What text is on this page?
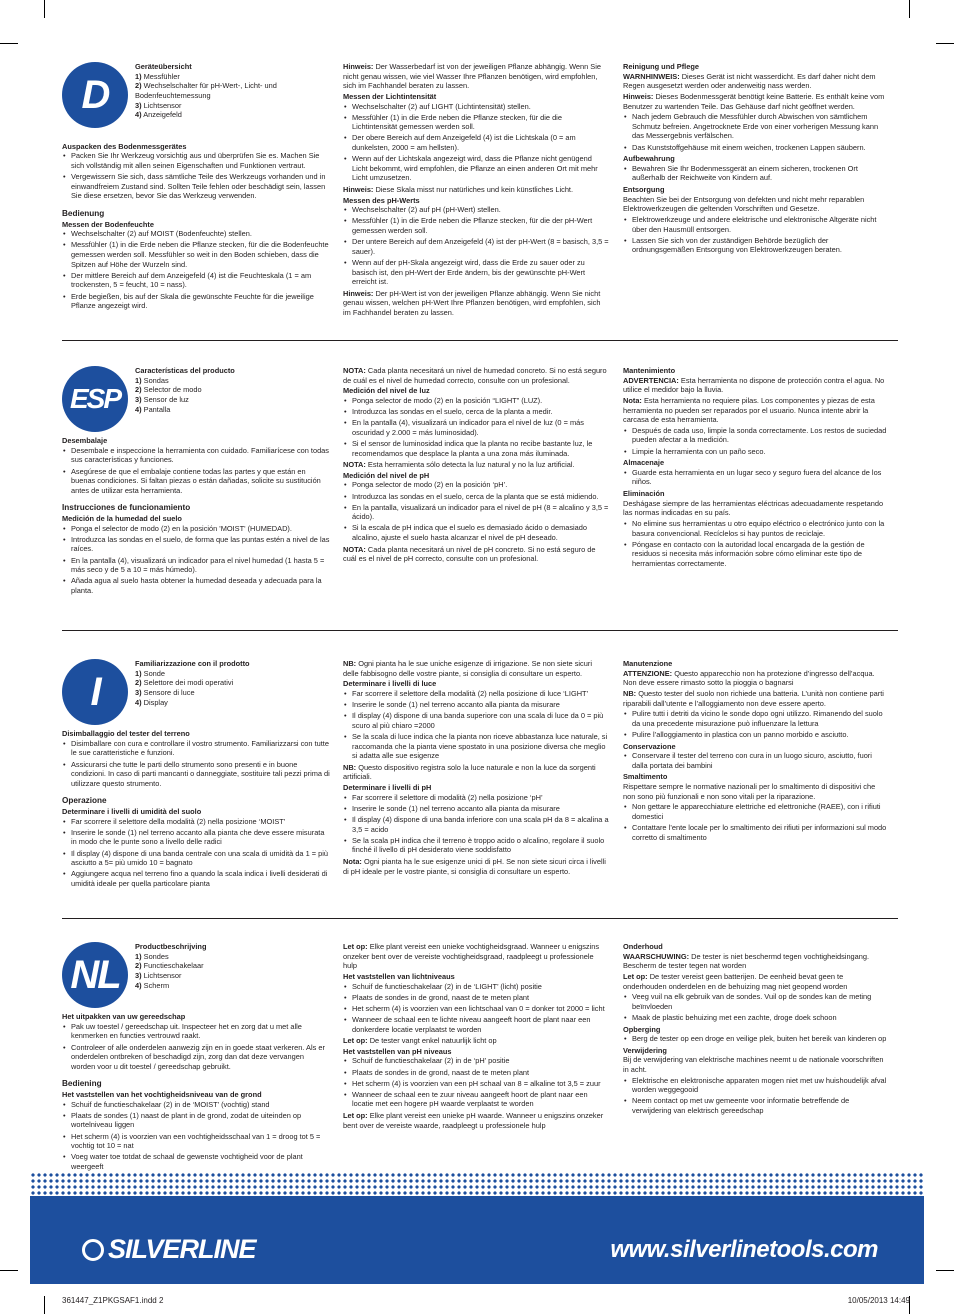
D
Geräteübersicht
1) Messfühler
2) Wechselschalter für pH-Wert-, Licht- und Bodenfeuchtemessung
3) Lichtsensor
4) Anzeigefeld
Auspacken des Bodenmessgerätes
• Packen Sie Ihr Werkzeug vorsichtig aus und überprüfen Sie es. Machen Sie sich vollständig mit allen seinen Eigenschaften und Funktionen vertraut.
• Vergewissern Sie sich, dass sämtliche Teile des Werkzeugs vorhanden und in einwandfreiem Zustand sind. Sollten Teile fehlen oder beschädigt sein, lassen Sie diese ersetzen, bevor Sie das Werkzeug verwenden.
Bedienung
Messen der Bodenfeuchte
• Wechselschalter (2) auf MOIST (Bodenfeuchte) stellen.
• Messfühler (1) in die Erde neben die Pflanze stecken, für die die Bodenfeuchte gemessen werden soll. Messfühler so weit in den Boden schieben, dass die Spitzen auf Höhe der Wurzeln sind.
• Der mittlere Bereich auf dem Anzeigefeld (4) ist die Feuchteskala (1 = am trockensten, 5 = feucht, 10 = nass).
• Erde begießen, bis auf der Skala die gewünschte Feuchte für die jeweilige Pflanze angezeigt wird.
Hinweis: Der Wasserbedarf ist von der jeweiligen Pflanze abhängig. Wenn Sie nicht genau wissen, wie viel Wasser Ihre Pflanzen benötigen, wird empfohlen, sich im Fachhandel beraten zu lassen.
Messen der Lichtintensität
• Wechselschalter (2) auf LIGHT (Lichtintensität) stellen.
• Messfühler (1) in die Erde neben die Pflanze stecken, für die die Lichtintensität gemessen werden soll.
• Der obere Bereich auf dem Anzeigefeld (4) ist die Lichtskala (0 = am dunkelsten, 2000 = am hellsten).
• Wenn auf der Lichtskala angezeigt wird, dass die Pflanze nicht genügend Licht bekommt, wird empfohlen, die Pflanze an einen anderen Ort mit mehr Licht umzusetzen.
Hinweis: Diese Skala misst nur natürliches und kein künstliches Licht.
Messen des pH-Werts
• Wechselschalter (2) auf pH (pH-Wert) stellen.
• Messfühler (1) in die Erde neben die Pflanze stecken, für die der pH-Wert gemessen werden soll.
• Der untere Bereich auf dem Anzeigefeld (4) ist der pH-Wert (8 = basisch, 3,5 = sauer).
• Wenn auf der pH-Skala angezeigt wird, dass die Erde zu sauer oder zu basisch ist, den pH-Wert der Erde ändern, bis der gewünschte pH-Wert erreicht ist.
Hinweis: Der pH-Wert ist von der jeweiligen Pflanze abhängig. Wenn Sie nicht genau wissen, welchen pH-Wert Ihre Pflanzen benötigen, wird empfohlen, sich im Fachhandel beraten zu lassen.
Reinigung und Pflege
WARNHINWEIS: Dieses Gerät ist nicht wasserdicht. Es darf daher nicht dem Regen ausgesetzt werden oder anderweitig nass werden.
Hinweis: Dieses Bodenmessgerät benötigt keine Batterie. Es enthält keine vom Benutzer zu wartenden Teile. Das Gehäuse darf nicht geöffnet werden.
• Nach jedem Gebrauch die Messfühler durch Abwischen von sämtlichem Schmutz befreien. Angetrocknete Erde von einer vorherigen Messung kann das Messergebnis verfälschen.
• Das Kunststoffgehäuse mit einem weichen, trockenen Lappen säubern.
Aufbewahrung
• Bewahren Sie Ihr Bodenmessgerät an einem sicheren, trockenen Ort außerhalb der Reichweite von Kindern auf.
Entsorgung
Beachten Sie bei der Entsorgung von defekten und nicht mehr reparablen Elektrowerkzeugen die geltenden Vorschriften und Gesetze.
• Elektrowerkzeuge und andere elektrische und elektronische Altgeräte nicht über den Hausmüll entsorgen.
• Lassen Sie sich von der zuständigen Behörde bezüglich der ordnungsgemäßen Entsorgung von Elektrowerkzeugen beraten.
ESP
Características del producto
1) Sondas
2) Selector de modo
3) Sensor de luz
4) Pantalla
Desembalaje
• Desembale e inspeccione la herramienta con cuidado. Familiarícese con todas sus características y funciones.
• Asegúrese de que el embalaje contiene todas las partes y que están en buenas condiciones. Si faltan piezas o están dañadas, solicite su sustitución antes de utilizar esta herramienta.
Instrucciones de funcionamiento
Medición de la humedad del suelo
• Ponga el selector de modo (2) en la posición 'MOIST' (HUMEDAD).
• Introduzca las sondas en el suelo, de forma que las puntas estén a nivel de las raíces.
• En la pantalla (4), visualizará un indicador para el nivel humedad (1 hasta 5 = más seco y de 5 a 10 = más húmedo).
• Añada agua al suelo hasta obtener la humedad deseada y adecuada para la planta.
NOTA: Cada planta necesitará un nivel de humedad concreto. Si no está seguro de cuál es el nivel de humedad correcto, consulte con un profesional.
Medición del nivel de luz
• Ponga selector de modo (2) en la posición “LIGHT” (LUZ).
• Introduzca las sondas en el suelo, cerca de la planta a medir.
• En la pantalla (4), visualizará un indicador para el nivel de luz (0 = más oscuridad y 2.000 = más luminosidad).
• Si el sensor de luminosidad indica que la planta no recibe bastante luz, le recomendamos que desplace la planta a una zona más iluminada.
NOTA: Esta herramienta sólo detecta la luz natural y no la luz artificial.
Medición del nivel de pH
• Ponga selector de modo (2) en la posición ‘pH’.
• Introduzca las sondas en el suelo, cerca de la planta que se está midiendo.
• En la pantalla, visualizará un indicador para el nivel de pH (8 = alcalino y 3,5 = ácido).
• Si la escala de pH indica que el suelo es demasiado ácido o demasiado alcalino, ajuste el suelo hasta alcanzar el nivel de pH deseado.
NOTA: Cada planta necesitará un nivel de pH concreto. Si no está seguro de cuál es el nivel de pH correcto, consulte con un profesional.
Mantenimiento
ADVERTENCIA: Esta herramienta no dispone de protección contra el agua. No utilice el medidor bajo la lluvia.
Nota: Esta herramienta no requiere pilas. Los componentes y piezas de esta herramienta no pueden ser reparados por el usuario. Nunca intente abrir la carcasa de esta herramienta.
• Después de cada uso, limpie la sonda correctamente. Los restos de suciedad pueden afectar a la medición.
• Limpie la herramienta con un paño seco.
Almacenaje
• Guarde esta herramienta en un lugar seco y seguro fuera del alcance de los niños.
Eliminación
Deshágase siempre de las herramientas eléctricas adecuadamente respetando las normas indicadas en su país.
• No elimine sus herramientas u otro equipo eléctrico o electrónico junto con la basura convencional. Recíclelos si hay puntos de reciclaje.
• Póngase en contacto con la autoridad local encargada de la gestión de residuos si necesita más información sobre cómo eliminar este tipo de herramientas correctamente.
I
Familiarizzazione con il prodotto
1) Sonde
2) Selettore dei modi operativi
3) Sensore di luce
4) Display
Disimballaggio del tester del terreno
• Disimballare con cura e controllare il vostro strumento. Familiarizzarsi con tutte le sue caratteristiche e funzioni.
• Assicurarsi che tutte le parti dello strumento sono presenti e in buone condizioni. In caso di parti mancanti o danneggiate, sostituire tali pezzi prima di utilizzare questo strumento.
Operazione
Determinare i livelli di umidità del suolo
• Far scorrere il selettore della modalità (2) nella posizione ‘MOIST’
• Inserire le sonde (1) nel terreno accanto alla pianta che deve essere misurata in modo che le punte sono a livello delle radici
• Il display (4) dispone di una banda centrale con una scala di umidità da 1 = più asciutto a 5= più umido 10 = bagnato
• Aggiungere acqua nel terreno fino a quando la scala indica i livelli desiderati di umidità ideale per quella particolare pianta
NB: Ogni pianta ha le sue uniche esigenze di irrigazione. Se non siete sicuri delle fabbisogno delle vostre piante, si consiglia di consultare un esperto.
Determinare i livelli di luce
• Far scorrere il selettore della modalità (2) nella posizione di luce ‘LIGHT’
• Inserire le sonde (1) nel terreno accanto alla pianta da misurare
• Il display (4) dispone di una banda superiore con una scala di luce da 0 = più scuro al più chiaro =2000
• Se la scala di luce indica che la pianta non riceve abbastanza luce naturale, si raccomanda che la pianta viene spostato in una posizione diversa che meglio si adatta alle sue esigenze
NB: Questo dispositivo registra solo la luce naturale e non la luce da sorgenti artificiali.
Determinare i livelli di pH
• Far scorrere il selettore di modalità (2) nella posizione ‘pH’
• Inserire le sonde (1) nel terreno accanto alla pianta da misurare
• Il display (4) dispone di una banda inferiore con una scala pH da 8 = alcalina a 3,5 = acido
• Se la scala pH indica che il terreno è troppo acido o alcalino, regolare il suolo finché il livello di pH desiderato viene soddisfatto
Nota: Ogni pianta ha le sue esigenze unici di pH. Se non siete sicuri circa i livelli di pH ideale per le vostre piante, si consiglia di consultare un esperto.
Manutenzione
ATTENZIONE: Questo apparecchio non ha protezione d’ingresso dell’acqua. Non deve essere rimasto sotto la pioggia o bagnarsi
NB: Questo tester del suolo non richiede una batteria. L’unità non contiene parti riparabili dall’utente e l’alloggiamento non deve essere aperto.
• Pulire tutti i detriti da vicino le sonde dopo ogni utilizzo. Rimanendo del suolo da una precedente misurazione può influenzare la lettura
• Pulire l’alloggiamento in plastica con un panno morbido e asciutto.
Conservazione
• Conservare il tester del terreno con cura in un luogo sicuro, asciutto, fuori dalla portata dei bambini
Smaltimento
Rispettare sempre le normative nazionali per lo smaltimento di dispositivi che non sono più funzionali e non sono vitali per la riparazione.
• Non gettare le apparecchiature elettriche ed elettroniche (RAEE), con i rifiuti domestici
• Contattare l’ente locale per lo smaltimento dei rifiuti per informazioni sul modo corretto di smaltimento
NL
Productbeschrijving
1) Sondes
2) Functieschakelaar
3) Lichtsensor
4) Scherm
Het uitpakken van uw gereedschap
• Pak uw toestel / gereedschap uit. Inspecteer het en zorg dat u met alle kenmerken en functies vertrouwd raakt.
• Controleer of alle onderdelen aanwezig zijn en in goede staat verkeren. Als er onderdelen ontbreken of beschadigd zijn, zorg dan dat deze vervangen worden voor u dit toestel / gereedschap gebruikt.
Bediening
Het vaststellen van het vochtigheidsniveau van de grond
• Schuif de functieschakelaar (2) in de ‘MOIST’ (vochtig) stand
• Plaats de sondes (1) naast de plant in de grond, zodat de uiteinden op wortelniveau liggen
• Het scherm (4) is voorzien van een vochtigheidsschaal van 1 = droog tot 5 = vochtig tot 10 = nat
• Voeg water toe totdat de schaal de gewenste vochtigheid voor de plant weergeeft
Let op: Elke plant vereist een unieke vochtigheidsgraad. Wanneer u enigszins onzeker bent over de vereiste vochtigheidsgraad, raadpleegt u professionele hulp
Het vaststellen van lichtniveaus
• Schuif de functieschakelaar (2) in de ‘LIGHT’ (licht) positie
• Plaats de sondes in de grond, naast de te meten plant
• Het scherm (4) is voorzien van een lichtschaal van 0 = donker tot 2000 = licht
• Wanneer de schaal een te lichte niveau aangeeft hoort de plant naar een donkerdere locatie verplaatst te worden
Let op: De tester vangt enkel natuurlijk licht op
Het vaststellen van pH niveaus
• Schuif de functieschakelaar (2) in de ‘pH’ positie
• Plaats de sondes in de grond, naast de te meten plant
• Het scherm (4) is voorzien van een pH schaal van 8 = alkaline tot 3,5 = zuur
• Wanneer de schaal een te zuur niveau aangeeft hoort de plant naar een locatie met een hogere pH waarde verplaatst te worden
Let op: Elke plant vereist een unieke pH waarde. Wanneer u enigszins onzeker bent over de vereiste waarde, raadpleegt u professionele hulp
Onderhoud
WAARSCHUWING: De tester is niet beschermd tegen vochtigheidsingang. Bescherm de tester tegen nat worden
Let op: De tester vereist geen batterijen. De eenheid bevat geen te onderhouden onderdelen en de behuizing mag niet geopend worden
• Veeg vuil na elk gebruik van de sondes. Vuil op de sondes kan de meting beïnvloeden
• Maak de plastic behuizing met een zachte, droge doek schoon
Opberging
• Berg de tester op een droge en veilige plek, buiten het bereik van kinderen op
Verwijdering
Bij de verwijdering van elektrische machines neemt u de nationale voorschriften in acht.
• Elektrische en elektronische apparaten mogen niet met uw huishoudelijk afval worden weggegooid
• Neem contact op met uw gemeente voor informatie betreffende de verwijdering van elektrisch gereedschap
SILVERLINE	www.silverlinetools.com
361447_Z1PKGSAF1.indd 2	10/05/2013 14:49
